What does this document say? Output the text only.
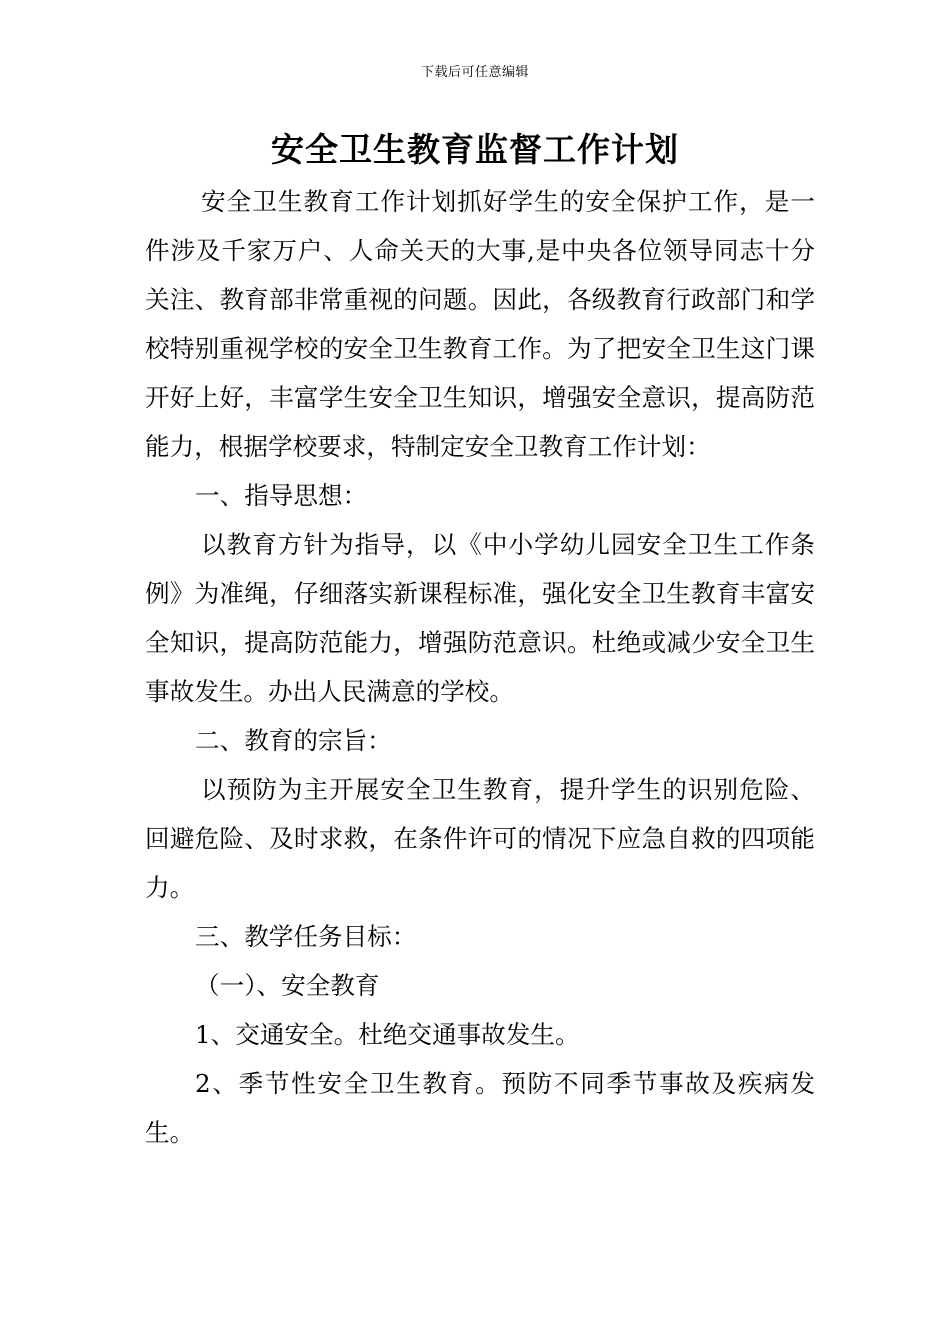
下载后可任意编辑
安全卫生教育监督工作计划

安全卫生教育工作计划抓好学生的安全保护工作，是一件涉及千家万户、人命关天的大事,是中央各位领导同志十分关注、教育部非常重视的问题。因此，各级教育行政部门和学校特别重视学校的安全卫生教育工作。为了把安全卫生这门课开好上好，丰富学生安全卫生知识，增强安全意识，提高防范能力，根据学校要求，特制定安全卫教育工作计划：

一、指导思想：

以教育方针为指导，以《中小学幼儿园安全卫生工作条例》为准绳，仔细落实新课程标准，强化安全卫生教育丰富安全知识，提高防范能力，增强防范意识。杜绝或减少安全卫生事故发生。办出人民满意的学校。

二、教育的宗旨：

以预防为主开展安全卫生教育，提升学生的识别危险、回避危险、及时求救，在条件许可的情况下应急自救的四项能力。

三、教学任务目标：

（一）、安全教育

1、交通安全。杜绝交通事故发生。

2、季节性安全卫生教育。预防不同季节事故及疾病发生。
